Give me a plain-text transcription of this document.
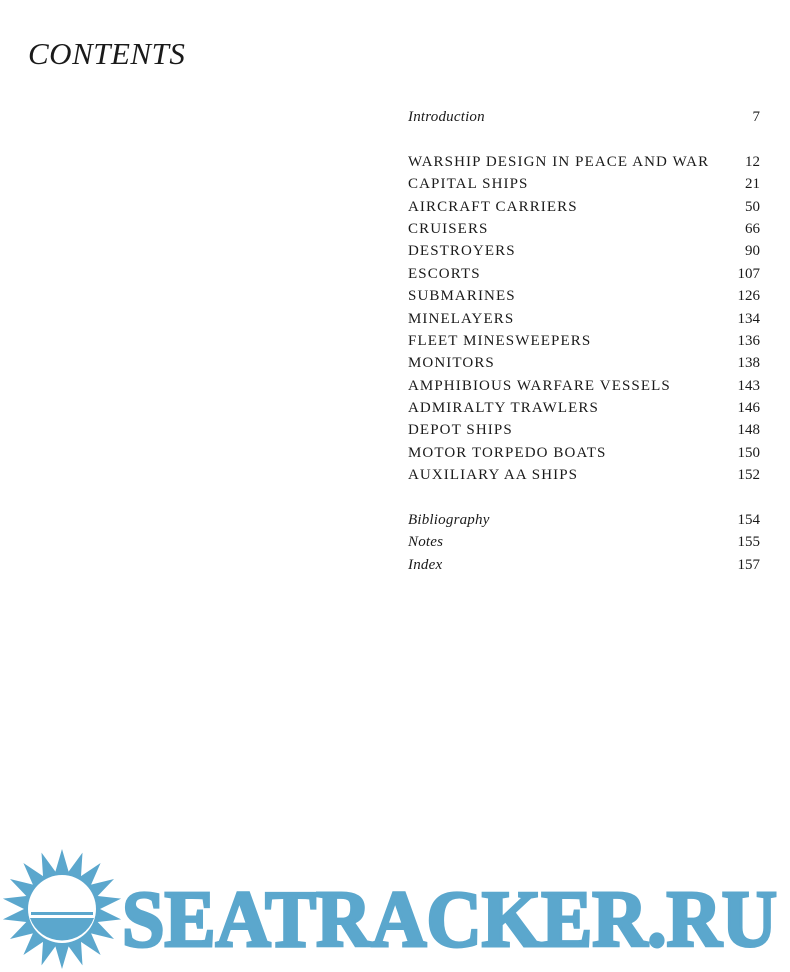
CONTENTS
Introduction	7
WARSHIP DESIGN IN PEACE AND WAR	12
CAPITAL SHIPS	21
AIRCRAFT CARRIERS	50
CRUISERS	66
DESTROYERS	90
ESCORTS	107
SUBMARINES	126
MINELAYERS	134
FLEET MINESWEEPERS	136
MONITORS	138
AMPHIBIOUS WARFARE VESSELS	143
ADMIRALTY TRAWLERS	146
DEPOT SHIPS	148
MOTOR TORPEDO BOATS	150
AUXILIARY AA SHIPS	152
Bibliography	154
Notes	155
Index	157
SEATRACKER.RU
